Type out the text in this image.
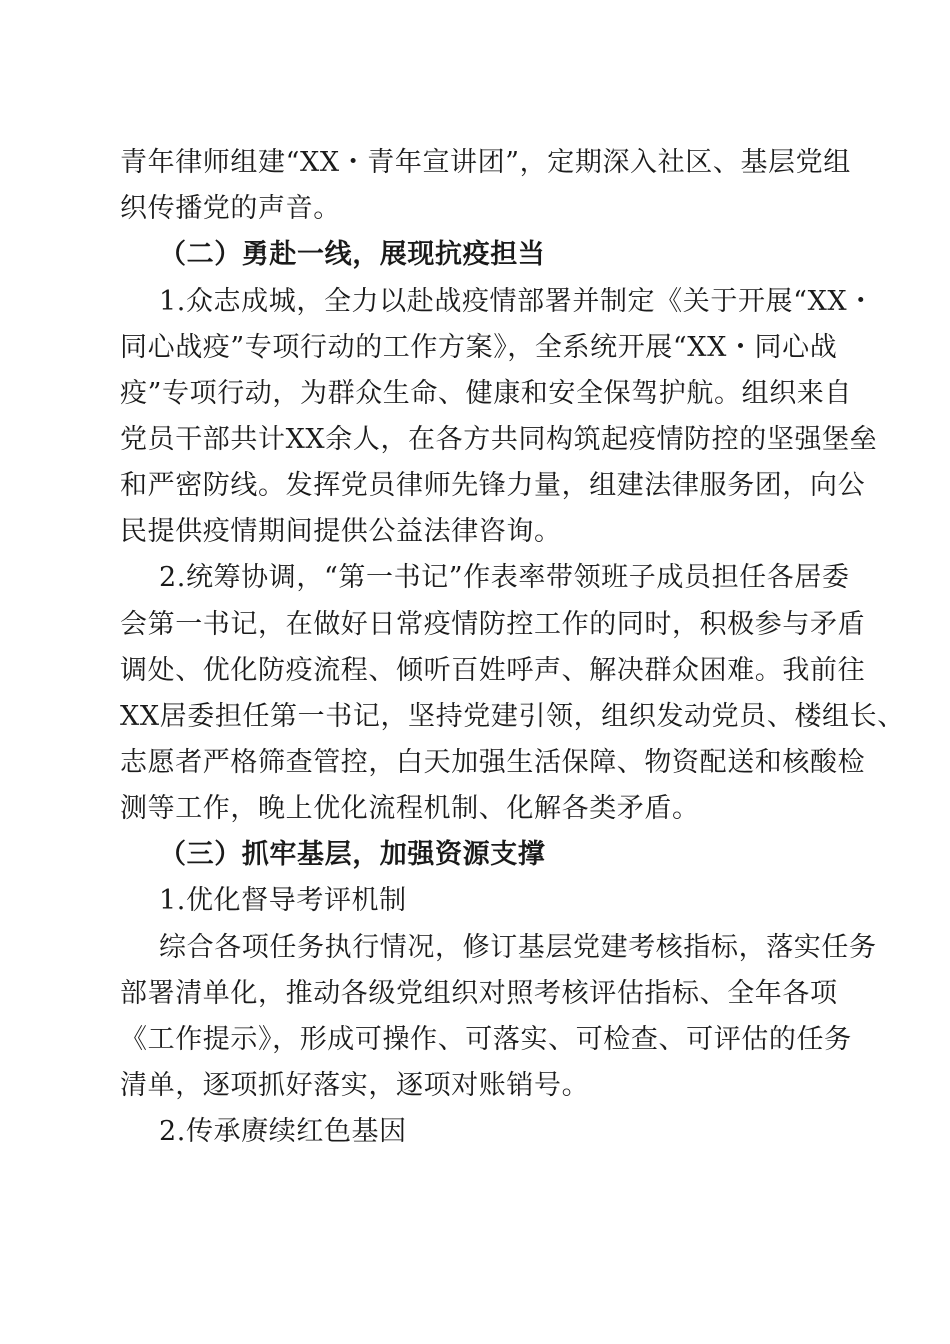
青年律师组建“XX・青年宣讲团”，定期深入社区、基层党组
织传播党的声音。
（二）勇赴一线，展现抗疫担当
1.众志成城，全力以赴战疫情部署并制定《关于开展“XX・
同心战疫”专项行动的工作方案》，全系统开展“XX・同心战
疫”专项行动，为群众生命、健康和安全保驾护航。组织来自
党员干部共计XX余人，在各方共同构筑起疫情防控的坚强堡垒
和严密防线。发挥党员律师先锋力量，组建法律服务团，向公
民提供疫情期间提供公益法律咨询。
2.统筹协调，“第一书记”作表率带领班子成员担任各居委
会第一书记，在做好日常疫情防控工作的同时，积极参与矛盾
调处、优化防疫流程、倾听百姓呼声、解决群众困难。我前往
XX居委担任第一书记，坚持党建引领，组织发动党员、楼组长、
志愿者严格筛查管控，白天加强生活保障、物资配送和核酸检
测等工作，晚上优化流程机制、化解各类矛盾。
（三）抓牢基层，加强资源支撑
1.优化督导考评机制
综合各项任务执行情况，修订基层党建考核指标，落实任务
部署清单化，推动各级党组织对照考核评估指标、全年各项
《工作提示》，形成可操作、可落实、可检查、可评估的任务
清单，逐项抓好落实，逐项对账销号。
2.传承赓续红色基因
